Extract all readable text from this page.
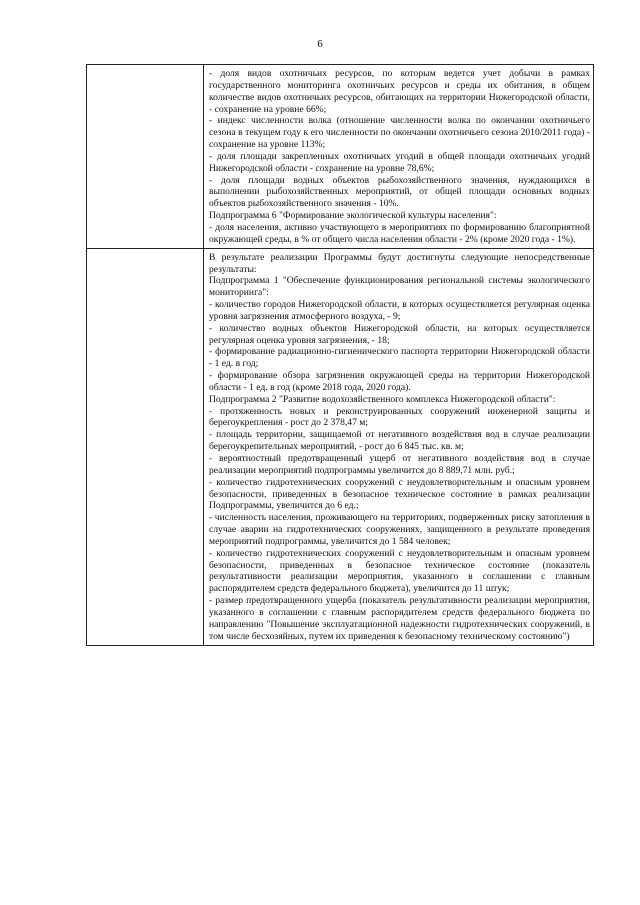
6
- доля видов охотничьих ресурсов, по которым ведется учет добычи в рамках государственного мониторинга охотничьих ресурсов и среды их обитания, в общем количестве видов охотничьих ресурсов, обитающих на территории Нижегородской области, - сохранение на уровне 66%;
- индекс численности волка (отношение численности волка по окончании охотничьего сезона в текущем году к его численности по окончании охотничьего сезона 2010/2011 года) - сохранение на уровне 113%;
- доля площади закрепленных охотничьих угодий в общей площади охотничьих угодий Нижегородской области - сохранение на уровне 78,6%;
- доля площади водных объектов рыбохозяйственного значения, нуждающихся в выполнении рыбохозяйственных мероприятий, от общей площади основных водных объектов рыбохозяйственного значения - 10%.
Подпрограмма 6 "Формирование экологической культуры населения":
- доля населения, активно участвующего в мероприятиях по формированию благоприятной окружающей среды, в % от общего числа населения области - 2% (кроме 2020 года - 1%).
В результате реализации Программы будут достигнуты следующие непосредственные результаты:
Подпрограмма 1 "Обеспечение функционирования региональной системы экологического мониторинга":
- количество городов Нижегородской области, в которых осуществляется регулярная оценка уровня загрязнения атмосферного воздуха, - 9;
- количество водных объектов Нижегородской области, на которых осуществляется регулярная оценка уровня загрязнения, - 18;
- формирование радиационно-гигиенического паспорта территории Нижегородской области - 1 ед. в год;
- формирование обзора загрязнения окружающей среды на территории Нижегородской области - 1 ед. в год (кроме 2018 года, 2020 года).
Подпрограмма 2 "Развитие водохозяйственного комплекса Нижегородской области":
- протяженность новых и реконструированных сооружений инженерной защиты и берегоукрепления - рост до 2 378,47 м;
- площадь территории, защищаемой от негативного воздействия вод в случае реализации берегоукрепительных мероприятий, - рост до 6 845 тыс. кв. м;
- вероятностный предотвращенный ущерб от негативного воздействия вод в случае реализации мероприятий подпрограммы увеличится до 8 889,71 млн. руб.;
- количество гидротехнических сооружений с неудовлетворительным и опасным уровнем безопасности, приведенных в безопасное техническое состояние в рамках реализации Подпрограммы, увеличится до 6 ед.;
- численность населения, проживающего на территориях, подверженных риску затопления в случае аварии на гидротехнических сооружениях, защищенного в результате проведения мероприятий подпрограммы, увеличится до 1 584 человек;
- количество гидротехнических сооружений с неудовлетворительным и опасным уровнем безопасности, приведенных в безопасное техническое состояние (показатель результативности реализации мероприятия, указанного в соглашении с главным распорядителем средств федерального бюджета), увеличится до 11 штук;
- размер предотвращенного ущерба (показатель результативности реализации мероприятия, указанного в соглашении с главным распорядителем средств федерального бюджета по направлению "Повышение эксплуатационной надежности гидротехнических сооружений, в том числе бесхозяйных, путем их приведения к безопасному техническому состоянию")
